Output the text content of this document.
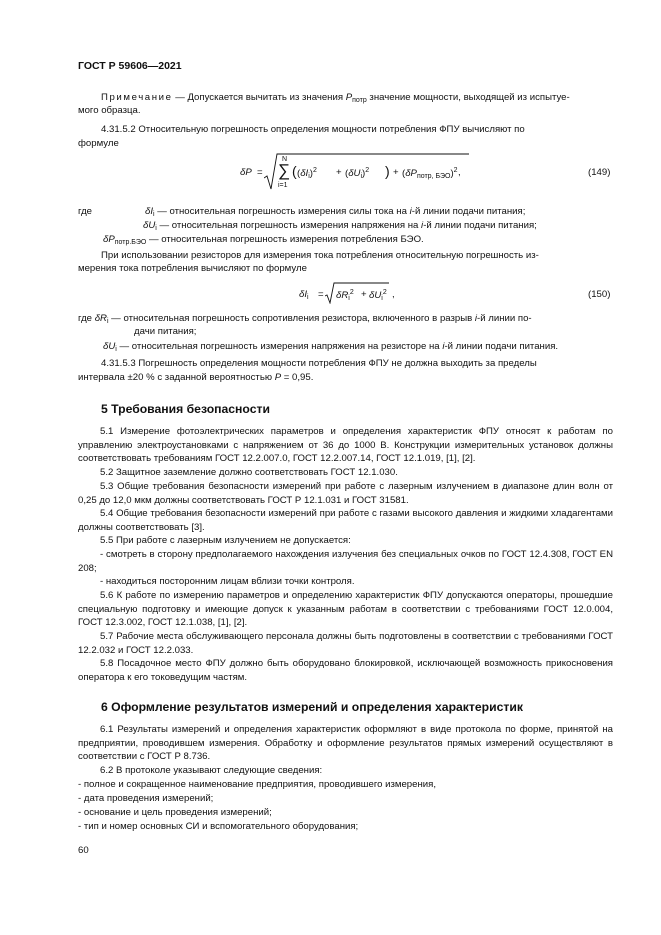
ГОСТ Р 59606—2021
Примечание — Допускается вычитать из значения $P_{потр}$ значение мощности, выходящей из испытуе-
мого образца.
4.31.5.2 Относительную погрешность определения мощности потребления ФПУ вычисляют по
формуле
δP =
N
∑
i=1
( $(\delta I_i)^2 + (\delta U_i)^2$ ) + $(\delta P_{потр, БЭО})^2$ ,	(149)
где	$\delta I_i$ — относительная погрешность измерения силы тока на i-й линии подачи питания;
$\delta U_i$ — относительная погрешность измерения напряжения на i-й линии подачи питания;
$\delta P_{потр.БЭО}$ — относительная погрешность измерения потребления БЭО.
При использовании резисторов для измерения тока потребления относительную погрешность из-
мерения тока потребления вычисляют по формуле
$\delta I_i = \delta R_i^2 + \delta U_i^2$ ,	(150)
где $\delta R_i$ — относительная погрешность сопротивления резистора, включенного в разрыв i-й линии по-
дачи питания;
$\delta U_i$ — относительная погрешность измерения напряжения на резисторе на i-й линии подачи питания.
4.31.5.3 Погрешность определения мощности потребления ФПУ не должна выходить за пределы
интервала ±20 % с заданной вероятностью P = 0,95.
5 Требования безопасности
5.1 Измерение фотоэлектрических параметров и определения характеристик ФПУ относят к работам по управлению электроустановками с напряжением от 36 до 1000 В. Конструкции измерительных установок должны соответствовать требованиям ГОСТ 12.2.007.0, ГОСТ 12.2.007.14, ГОСТ 12.1.019, [1], [2].
5.2 Защитное заземление должно соответствовать ГОСТ 12.1.030.
5.3 Общие требования безопасности измерений при работе с лазерным излучением в диапазоне длин волн от 0,25 до 12,0 мкм должны соответствовать ГОСТ Р 12.1.031 и ГОСТ 31581.
5.4 Общие требования безопасности измерений при работе с газами высокого давления и жидкими хладагентами должны соответствовать [3].
5.5 При работе с лазерным излучением не допускается:
- смотреть в сторону предполагаемого нахождения излучения без специальных очков по ГОСТ 12.4.308, ГОСТ EN 208;
- находиться посторонним лицам вблизи точки контроля.
5.6 К работе по измерению параметров и определению характеристик ФПУ допускаются операторы, прошедшие специальную подготовку и имеющие допуск к указанным работам в соответствии с требованиями ГОСТ 12.0.004, ГОСТ 12.3.002, ГОСТ 12.1.038, [1], [2].
5.7 Рабочие места обслуживающего персонала должны быть подготовлены в соответствии с требованиями ГОСТ 12.2.032 и ГОСТ 12.2.033.
5.8 Посадочное место ФПУ должно быть оборудовано блокировкой, исключающей возможность прикосновения оператора к его токоведущим частям.
6 Оформление результатов измерений и определения характеристик
6.1 Результаты измерений и определения характеристик оформляют в виде протокола по форме, принятой на предприятии, проводившем измерения. Обработку и оформление результатов прямых измерений осуществляют в соответствии с ГОСТ Р 8.736.
6.2 В протоколе указывают следующие сведения:
- полное и сокращенное наименование предприятия, проводившего измерения,
- дата проведения измерений;
- основание и цель проведения измерений;
- тип и номер основных СИ и вспомогательного оборудования;
60
